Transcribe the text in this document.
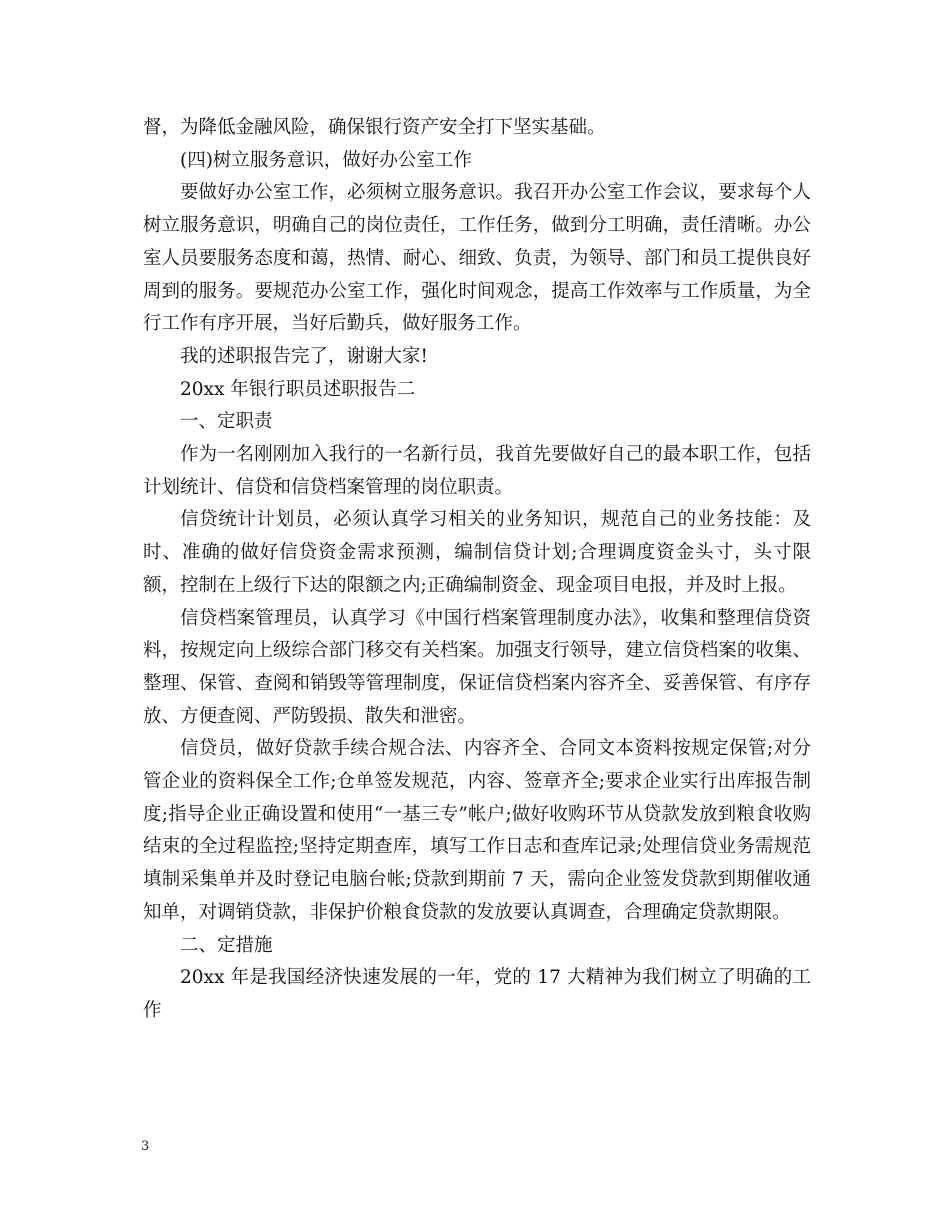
督，为降低金融风险，确保银行资产安全打下坚实基础。

(四)树立服务意识，做好办公室工作

要做好办公室工作，必须树立服务意识。我召开办公室工作会议，要求每个人树立服务意识，明确自己的岗位责任，工作任务，做到分工明确，责任清晰。办公室人员要服务态度和蔼，热情、耐心、细致、负责，为领导、部门和员工提供良好周到的服务。要规范办公室工作，强化时间观念，提高工作效率与工作质量，为全行工作有序开展，当好后勤兵，做好服务工作。

我的述职报告完了，谢谢大家!

20xx 年银行职员述职报告二

一、定职责

作为一名刚刚加入我行的一名新行员，我首先要做好自己的最本职工作，包括计划统计、信贷和信贷档案管理的岗位职责。

信贷统计计划员，必须认真学习相关的业务知识，规范自己的业务技能：及时、准确的做好信贷资金需求预测，编制信贷计划;合理调度资金头寸，头寸限额，控制在上级行下达的限额之内;正确编制资金、现金项目电报，并及时上报。

信贷档案管理员，认真学习《中国行档案管理制度办法》，收集和整理信贷资料，按规定向上级综合部门移交有关档案。加强支行领导，建立信贷档案的收集、整理、保管、查阅和销毁等管理制度，保证信贷档案内容齐全、妥善保管、有序存放、方便查阅、严防毁损、散失和泄密。

信贷员，做好贷款手续合规合法、内容齐全、合同文本资料按规定保管;对分管企业的资料保全工作;仓单签发规范，内容、签章齐全;要求企业实行出库报告制度;指导企业正确设置和使用“一基三专”帐户;做好收购环节从贷款发放到粮食收购结束的全过程监控;坚持定期查库，填写工作日志和查库记录;处理信贷业务需规范填制采集单并及时登记电脑台帐;贷款到期前 7 天，需向企业签发贷款到期催收通知单，对调销贷款，非保护价粮食贷款的发放要认真调查，合理确定贷款期限。

二、定措施

20xx 年是我国经济快速发展的一年，党的 17 大精神为我们树立了明确的工作

3
